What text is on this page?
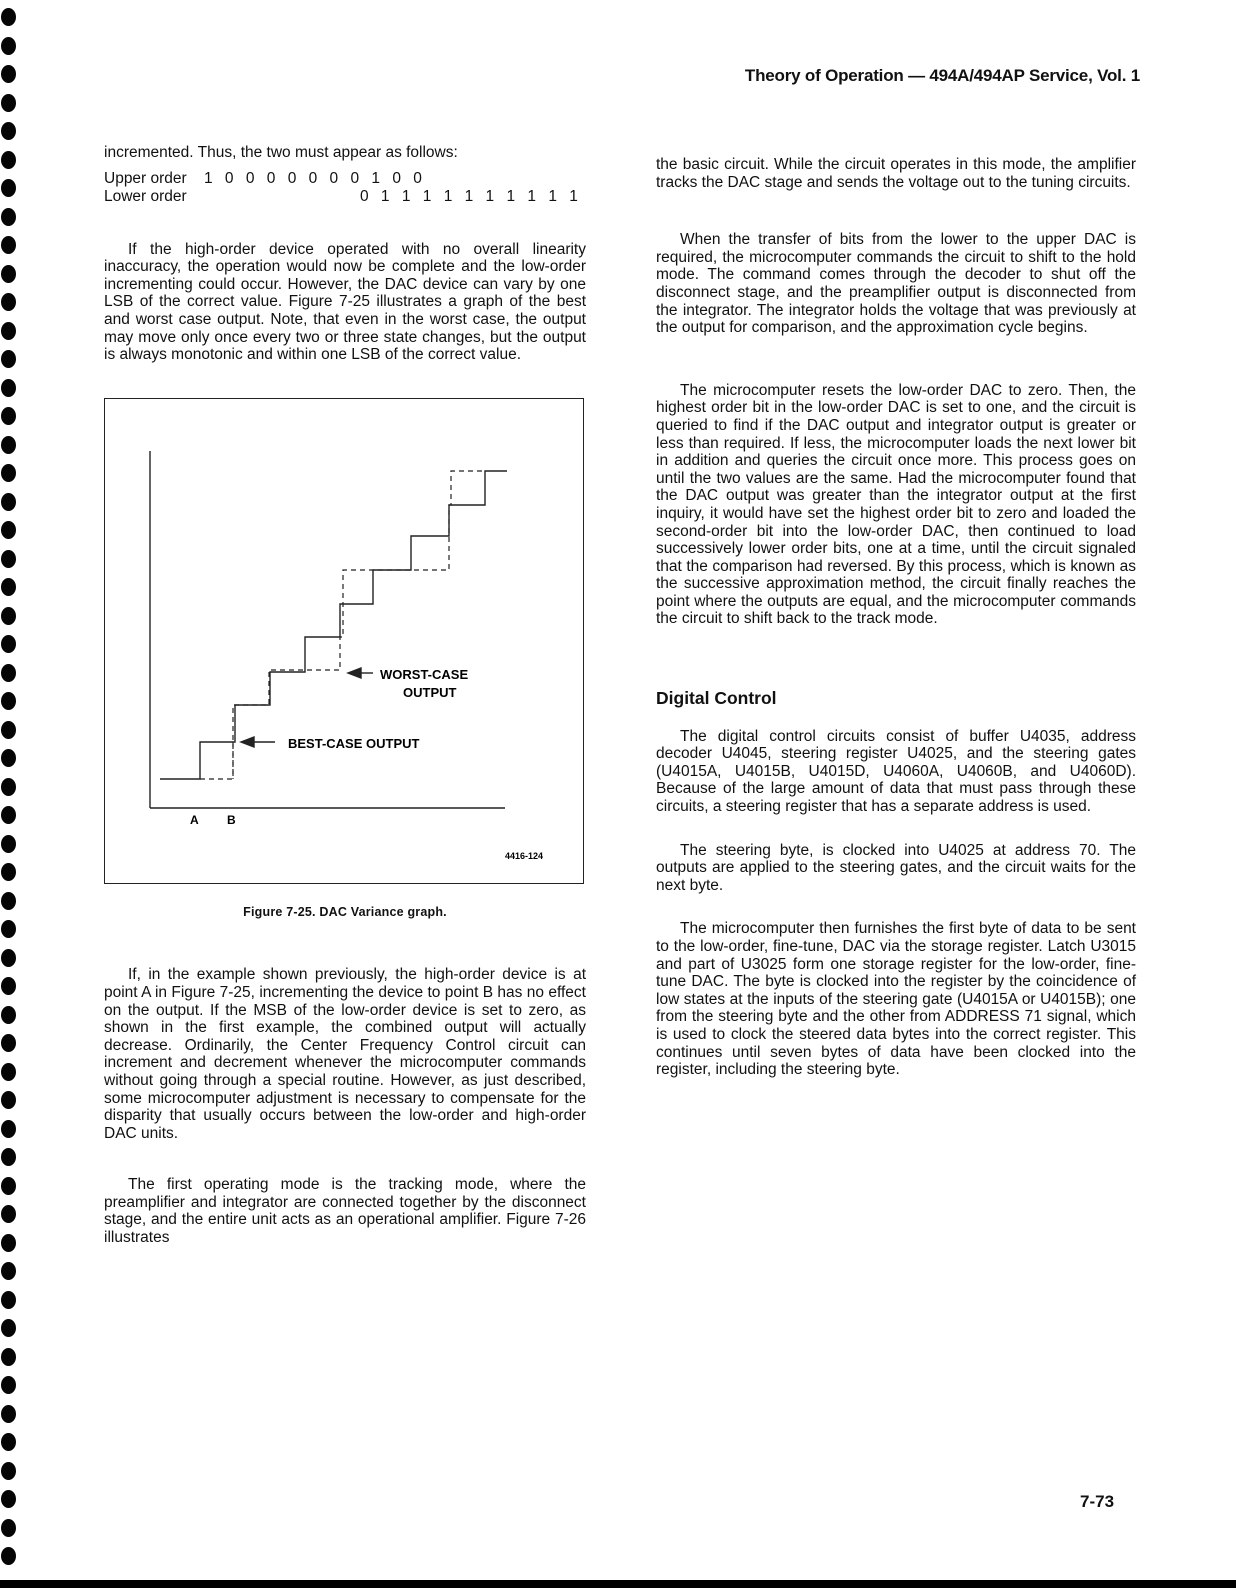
Theory of Operation — 494A/494AP Service, Vol. 1

incremented. Thus, the two must appear as follows:

Upper order	1 0 0 0 0 0 0 0 1 0 0
Lower order	0 1 1 1 1 1 1 1 1 1 1

If the high-order device operated with no overall linearity inaccuracy, the operation would now be complete and the low-order incrementing could occur. However, the DAC device can vary by one LSB of the correct value. Figure 7-25 illustrates a graph of the best and worst case output. Note, that even in the worst case, the output may move only once every two or three state changes, but the output is always monotonic and within one LSB of the correct value.

WORST-CASE
OUTPUT
BEST-CASE OUTPUT
A B
4416-124
Figure 7-25. DAC Variance graph.

If, in the example shown previously, the high-order device is at point A in Figure 7-25, incrementing the device to point B has no effect on the output. If the MSB of the low-order device is set to zero, as shown in the first example, the combined output will actually decrease. Ordinarily, the Center Frequency Control circuit can increment and decrement whenever the microcomputer commands without going through a special routine. However, as just described, some microcomputer adjustment is necessary to compensate for the disparity that usually occurs between the low-order and high-order DAC units.

The first operating mode is the tracking mode, where the preamplifier and integrator are connected together by the disconnect stage, and the entire unit acts as an operational amplifier. Figure 7-26 illustrates

the basic circuit. While the circuit operates in this mode, the amplifier tracks the DAC stage and sends the voltage out to the tuning circuits.

When the transfer of bits from the lower to the upper DAC is required, the microcomputer commands the circuit to shift to the hold mode. The command comes through the decoder to shut off the disconnect stage, and the preamplifier output is disconnected from the integrator. The integrator holds the voltage that was previously at the output for comparison, and the approximation cycle begins.

The microcomputer resets the low-order DAC to zero. Then, the highest order bit in the low-order DAC is set to one, and the circuit is queried to find if the DAC output and integrator output is greater or less than required. If less, the microcomputer loads the next lower bit in addition and queries the circuit once more. This process goes on until the two values are the same. Had the microcomputer found that the DAC output was greater than the integrator output at the first inquiry, it would have set the highest order bit to zero and loaded the second-order bit into the low-order DAC, then continued to load successively lower order bits, one at a time, until the circuit signaled that the comparison had reversed. By this process, which is known as the successive approximation method, the circuit finally reaches the point where the outputs are equal, and the microcomputer commands the circuit to shift back to the track mode.

Digital Control

The digital control circuits consist of buffer U4035, address decoder U4045, steering register U4025, and the steering gates (U4015A, U4015B, U4015D, U4060A, U4060B, and U4060D). Because of the large amount of data that must pass through these circuits, a steering register that has a separate address is used.

The steering byte, is clocked into U4025 at address 70. The outputs are applied to the steering gates, and the circuit waits for the next byte.

The microcomputer then furnishes the first byte of data to be sent to the low-order, fine-tune, DAC via the storage register. Latch U3015 and part of U3025 form one storage register for the low-order, fine-tune DAC. The byte is clocked into the register by the coincidence of low states at the inputs of the steering gate (U4015A or U4015B); one from the steering byte and the other from ADDRESS 71 signal, which is used to clock the steered data bytes into the correct register. This continues until seven bytes of data have been clocked into the register, including the steering byte.

7-73
